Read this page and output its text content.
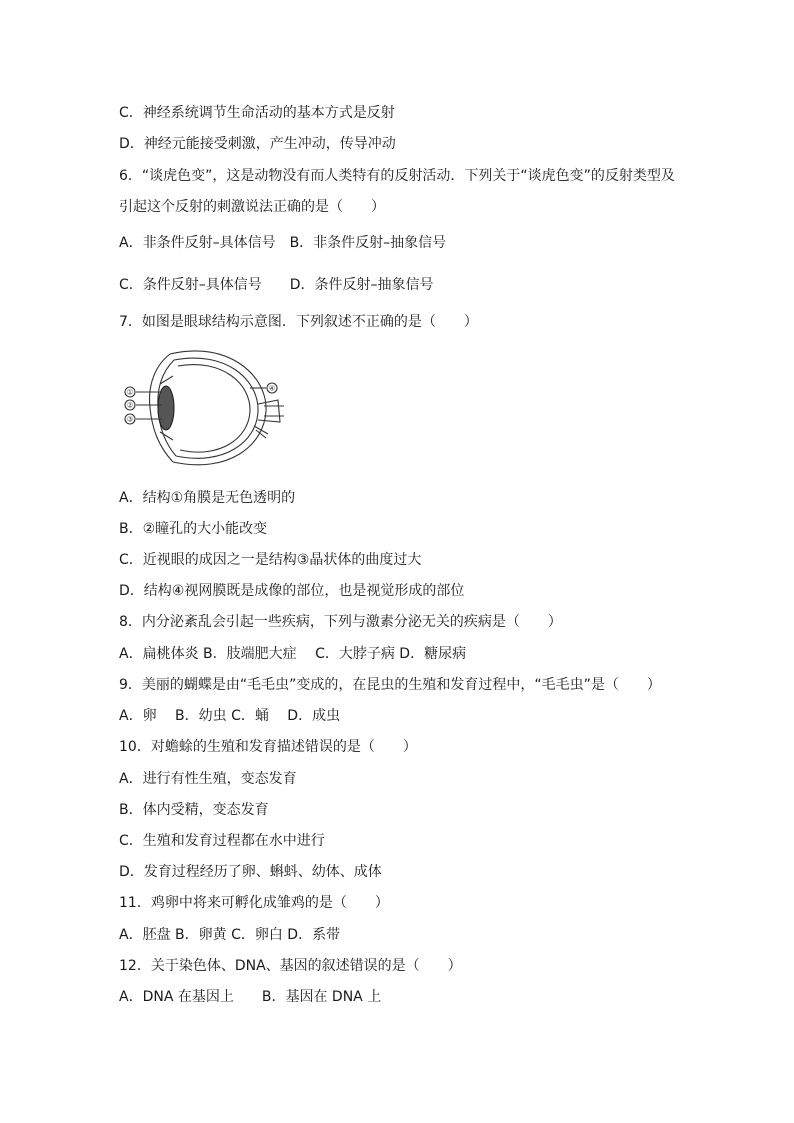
C．神经系统调节生命活动的基本方式是反射
D．神经元能接受刺激，产生冲动，传导冲动
6．“谈虎色变”，这是动物没有而人类特有的反射活动．下列关于“谈虎色变”的反射类型及
引起这个反射的刺激说法正确的是（　　）
A．非条件反射–具体信号　B．非条件反射–抽象信号
C．条件反射–具体信号　　D．条件反射–抽象信号
7．如图是眼球结构示意图．下列叙述不正确的是（　　）
①
②
③
④
A．结构①角膜是无色透明的
B．②瞳孔的大小能改变
C．近视眼的成因之一是结构③晶状体的曲度过大
D．结构④视网膜既是成像的部位，也是视觉形成的部位
8．内分泌紊乱会引起一些疾病，下列与激素分泌无关的疾病是（　　）
A．扁桃体炎 B．肢端肥大症　 C．大脖子病 D．糖尿病
9．美丽的蝴蝶是由“毛毛虫”变成的，在昆虫的生殖和发育过程中，“毛毛虫”是（　　）
A．卵　 B．幼虫 C．蛹　 D．成虫
10．对蟾蜍的生殖和发育描述错误的是（　　）
A．进行有性生殖，变态发育
B．体内受精，变态发育
C．生殖和发育过程都在水中进行
D．发育过程经历了卵、蝌蚪、幼体、成体
11．鸡卵中将来可孵化成雏鸡的是（　　）
A．胚盘 B．卵黄 C．卵白 D．系带
12．关于染色体、DNA、基因的叙述错误的是（　　）
A．DNA 在基因上　　B．基因在 DNA 上
